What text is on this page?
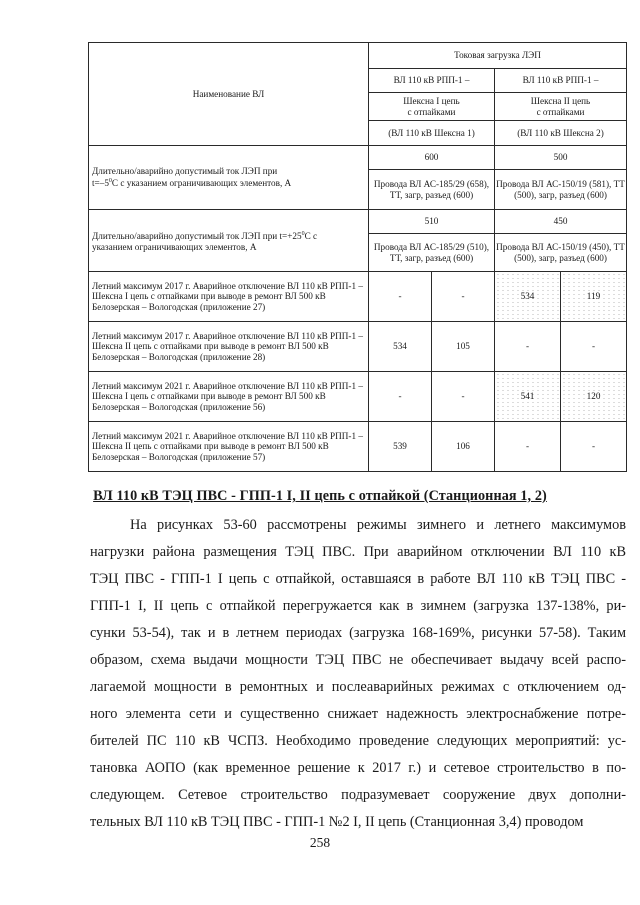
Наименование ВЛ	Токовая загрузка ЛЭП			
	ВЛ 110 кВ РПП-1 –		ВЛ 110 кВ РПП-1 –	
	Шексна I цепь
с отпайками		Шексна II цепь
с отпайками	
	(ВЛ 110 кВ Шексна 1)		(ВЛ 110 кВ Шексна 2)	
Длительно/аварийно допустимый ток ЛЭП при
$t=-5^0С$ с указанием ограничивающих элементов, А	600		500	
	Провода ВЛ АС-185/29 (658), ТТ, загр, разъед (600)		Провода ВЛ АС-150/19 (581), ТТ (500), загр, разъед (600)	
Длительно/аварийно допустимый ток ЛЭП при $t=+25^0С$ с
указанием ограничивающих элементов, А	510		450	
	Провода ВЛ АС-185/29 (510), ТТ, загр, разъед (600)		Провода ВЛ АС-150/19 (450), ТТ (500), загр, разъед (600)	
Летний максимум 2017 г. Аварийное отключение ВЛ 110 кВ РПП-1 – Шексна I цепь с отпайками при выводе в ремонт ВЛ 500 кВ Белозерская – Вологодская (приложение 27)	-	-	534	119
Летний максимум 2017 г. Аварийное отключение ВЛ 110 кВ РПП-1 – Шексна II цепь с отпайками при выводе в ремонт ВЛ 500 кВ Белозерская – Вологодская (приложение 28)	534	105	-	-
Летний максимум 2021 г. Аварийное отключение ВЛ 110 кВ РПП-1 – Шексна I цепь с отпайками при выводе в ремонт ВЛ 500 кВ Белозерская – Вологодская (приложение 56)	-	-	541	120
Летний максимум 2021 г. Аварийное отключение ВЛ 110 кВ РПП-1 – Шексна II цепь с отпайками при выводе в ремонт ВЛ 500 кВ Белозерская – Вологодская (приложение 57)	539	106	-	-
ВЛ 110 кВ ТЭЦ ПВС - ГПП-1 I, II цепь с отпайкой (Станционная 1, 2)
На рисунках 53-60 рассмотрены режимы зимнего и летнего максимумов
нагрузки района размещения ТЭЦ ПВС. При аварийном отключении ВЛ 110 кВ
ТЭЦ ПВС - ГПП-1 I цепь с отпайкой, оставшаяся в работе ВЛ 110 кВ ТЭЦ ПВС -
ГПП-1 I, II цепь с отпайкой перегружается как в зимнем (загрузка 137-138%, ри-
сунки 53-54), так и в летнем периодах (загрузка 168-169%, рисунки 57-58). Таким
образом, схема выдачи мощности ТЭЦ ПВС не обеспечивает выдачу всей распо-
лагаемой мощности в ремонтных и послеаварийных режимах с отключением од-
ного элемента сети и существенно снижает надежность электроснабжение потре-
бителей ПС 110 кВ ЧСПЗ. Необходимо проведение следующих мероприятий: ус-
тановка АОПО (как временное решение к 2017 г.) и сетевое строительство в по-
следующем. Сетевое строительство подразумевает сооружение двух дополни-
тельных ВЛ 110 кВ ТЭЦ ПВС - ГПП-1 №2 I, II цепь (Станционная 3,4) проводом
258
